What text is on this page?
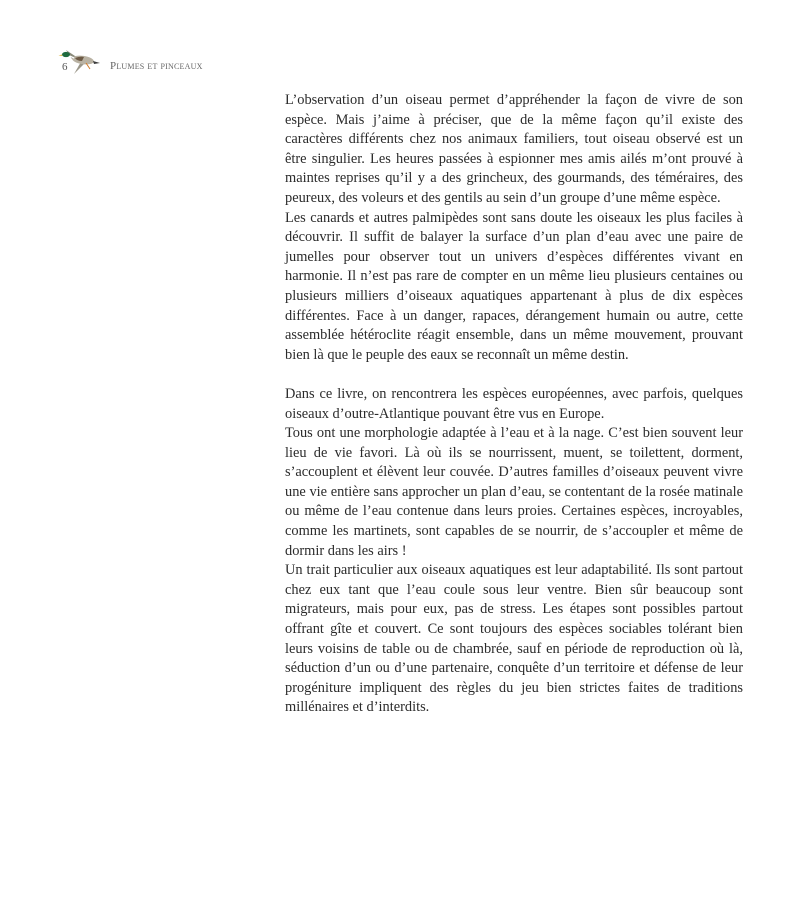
6	Plumes et pinceaux

L’observation d’un oiseau permet d’appréhender la façon de vivre de son espèce. Mais j’aime à préciser, que de la même façon qu’il existe des caractères différents chez nos animaux familiers, tout oiseau observé est un être singulier. Les heures passées à espionner mes amis ailés m’ont prouvé à maintes reprises qu’il y a des grincheux, des gourmands, des téméraires, des peureux, des voleurs et des gentils au sein d’un groupe d’une même espèce.

Les canards et autres palmipèdes sont sans doute les oiseaux les plus faciles à découvrir. Il suffit de balayer la surface d’un plan d’eau avec une paire de jumelles pour observer tout un univers d’espèces différentes vivant en harmonie. Il n’est pas rare de compter en un même lieu plusieurs centaines ou plusieurs milliers d’oiseaux aquatiques appartenant à plus de dix espèces différentes. Face à un danger, rapaces, dérangement humain ou autre, cette assemblée hétéroclite réagit ensemble, dans un même mouvement, prouvant bien là que le peuple des eaux se reconnaît un même destin.

Dans ce livre, on rencontrera les espèces européennes, avec parfois, quelques oiseaux d’outre-Atlantique pouvant être vus en Europe.

Tous ont une morphologie adaptée à l’eau et à la nage. C’est bien souvent leur lieu de vie favori. Là où ils se nourrissent, muent, se toilettent, dorment, s’accouplent et élèvent leur couvée. D’autres familles d’oiseaux peuvent vivre une vie entière sans approcher un plan d’eau, se contentant de la rosée matinale ou même de l’eau contenue dans leurs proies. Certaines espèces, incroyables, comme les martinets, sont capables de se nourrir, de s’accoupler et même de dormir dans les airs !

Un trait particulier aux oiseaux aquatiques est leur adaptabilité. Ils sont partout chez eux tant que l’eau coule sous leur ventre. Bien sûr beaucoup sont migrateurs, mais pour eux, pas de stress. Les étapes sont possibles partout offrant gîte et couvert. Ce sont toujours des espèces sociables tolérant bien leurs voisins de table ou de chambrée, sauf en période de reproduction où là, séduction d’un ou d’une partenaire, conquête d’un territoire et défense de leur progéniture impliquent des règles du jeu bien strictes faites de traditions millénaires et d’interdits.
